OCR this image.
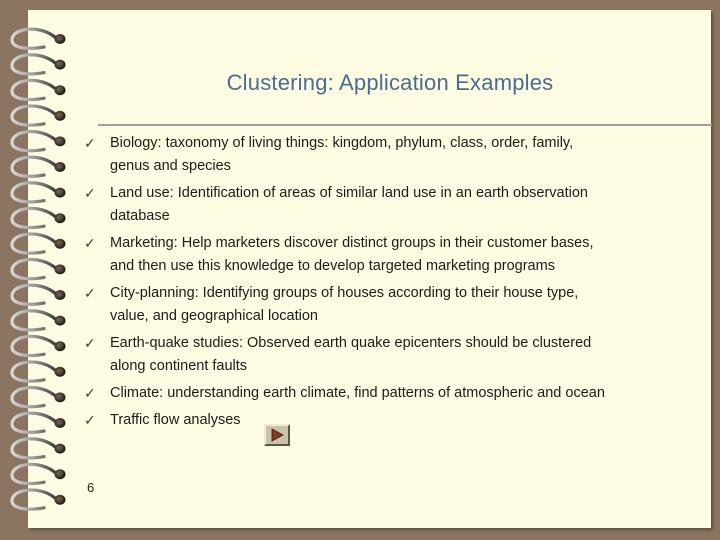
Clustering: Application Examples
✓ Biology: taxonomy of living things: kingdom, phylum, class, order, family,
genus and species
✓ Land use: Identification of areas of similar land use in an earth observation
database
✓ Marketing: Help marketers discover distinct groups in their customer bases,
and then use this knowledge to develop targeted marketing programs
✓ City-planning: Identifying groups of houses according to their house type,
value, and geographical location
✓ Earth-quake studies: Observed earth quake epicenters should be clustered
along continent faults
✓ Climate: understanding earth climate, find patterns of atmospheric and ocean
✓ Traffic flow analyses
6
